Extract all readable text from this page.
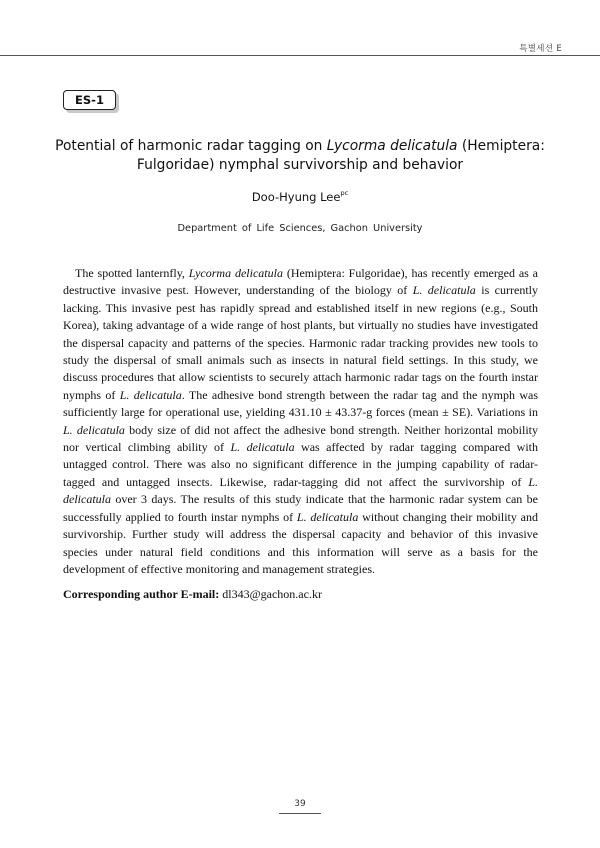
특별세션 E
ES-1
Potential of harmonic radar tagging on Lycorma delicatula (Hemiptera: Fulgoridae) nymphal survivorship and behavior
Doo-Hyung Lee$^{pc}$
Department of Life Sciences, Gachon University

The spotted lanternfly, Lycorma delicatula (Hemiptera: Fulgoridae), has recently emerged as a destructive invasive pest. However, understanding of the biology of L. delicatula is currently lacking. This invasive pest has rapidly spread and established itself in new regions (e.g., South Korea), taking advantage of a wide range of host plants, but virtually no studies have investigated the dispersal capacity and patterns of the species. Harmonic radar tracking provides new tools to study the dispersal of small animals such as insects in natural field settings. In this study, we discuss procedures that allow scientists to securely attach harmonic radar tags on the fourth instar nymphs of L. delicatula. The adhesive bond strength between the radar tag and the nymph was sufficiently large for operational use, yielding 431.10 ± 43.37-g forces (mean ± SE). Variations in L. delicatula body size of did not affect the adhesive bond strength. Neither horizontal mobility nor vertical climbing ability of L. delicatula was affected by radar tagging compared with untagged control. There was also no significant difference in the jumping capability of radar-tagged and untagged insects. Likewise, radar-tagging did not affect the survivorship of L. delicatula over 3 days. The results of this study indicate that the harmonic radar system can be successfully applied to fourth instar nymphs of L. delicatula without changing their mobility and survivorship. Further study will address the dispersal capacity and behavior of this invasive species under natural field conditions and this information will serve as a basis for the development of effective monitoring and management strategies.

Corresponding author E-mail: dl343@gachon.ac.kr
39
